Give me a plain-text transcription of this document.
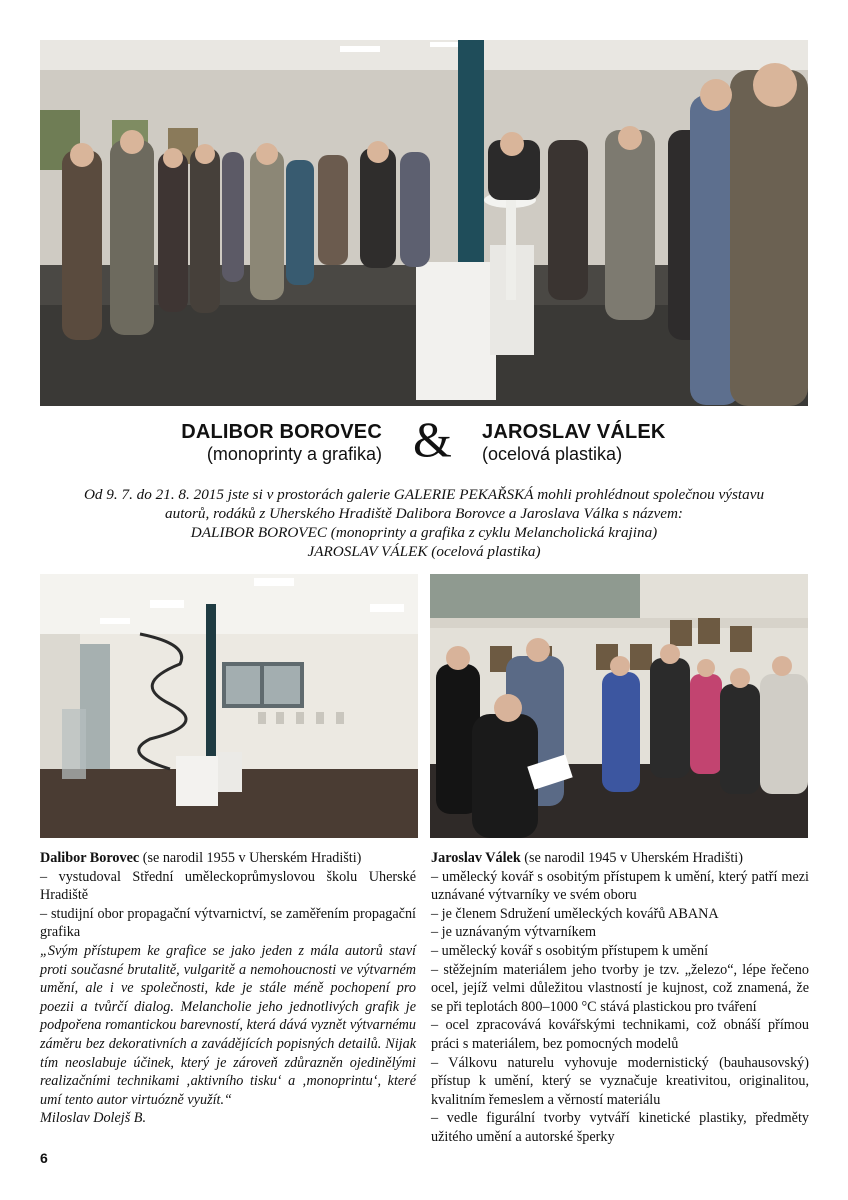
DALIBOR BOROVEC
(monoprinty a grafika) & JAROSLAV VÁLEK
(ocelová plastika)
Od 9. 7. do 21. 8. 2015 jste si v prostorách galerie GALERIE PEKAŘSKÁ mohli prohlédnout společnou výstavu
autorů, rodáků z Uherského Hradiště Dalibora Borovce a Jaroslava Válka s názvem:
DALIBOR BOROVEC (monoprinty a grafika z cyklu Melancholická krajina)
JAROSLAV VÁLEK (ocelová plastika)

Dalibor Borovec (se narodil 1955 v Uherském Hradišti)

– vystudoval Střední uměleckoprůmyslovou školu Uherské Hradiště

– studijní obor propagační výtvarnictví, se zaměřením propagační grafika

„Svým přístupem ke grafice se jako jeden z mála autorů staví proti současné brutalitě, vulgaritě a nemohoucnosti ve výtvarném umění, ale i ve společnosti, kde je stále méně pochopení pro poezii a tvůrčí dialog. Melancholie jeho jednotlivých grafik je podpořena romantickou barevností, která dává vyznět výtvarnému záměru bez dekorativních a zavádějících popisných detailů. Nijak tím neoslabuje účinek, který je zároveň zdůrazněn ojedinělými realizačními technikami ‚aktivního tisku‘ a ‚monoprintu‘, které umí tento autor virtuózně využít.“

Miloslav Dolejš B.

Jaroslav Válek (se narodil 1945 v Uherském Hradišti)

– umělecký kovář s osobitým přístupem k umění, který patří mezi uznávané výtvarníky ve svém oboru

– je členem Sdružení uměleckých kovářů ABANA

– je uznávaným výtvarníkem

– umělecký kovář s osobitým přístupem k umění

– stěžejním materiálem jeho tvorby je tzv. „železo“, lépe řečeno ocel, jejíž velmi důležitou vlastností je kujnost, což znamená, že se při teplotách 800–1000 °C stává plastickou pro tváření

– ocel zpracovává kovářskými technikami, což obnáší přímou práci s materiálem, bez pomocných modelů

– Válkovu naturelu vyhovuje modernistický (bauhausovský) přístup k umění, který se vyznačuje kreativitou, originalitou, kvalitním řemeslem a věrností materiálu

– vedle figurální tvorby vytváří kinetické plastiky, předměty užitého umění a autorské šperky

6
